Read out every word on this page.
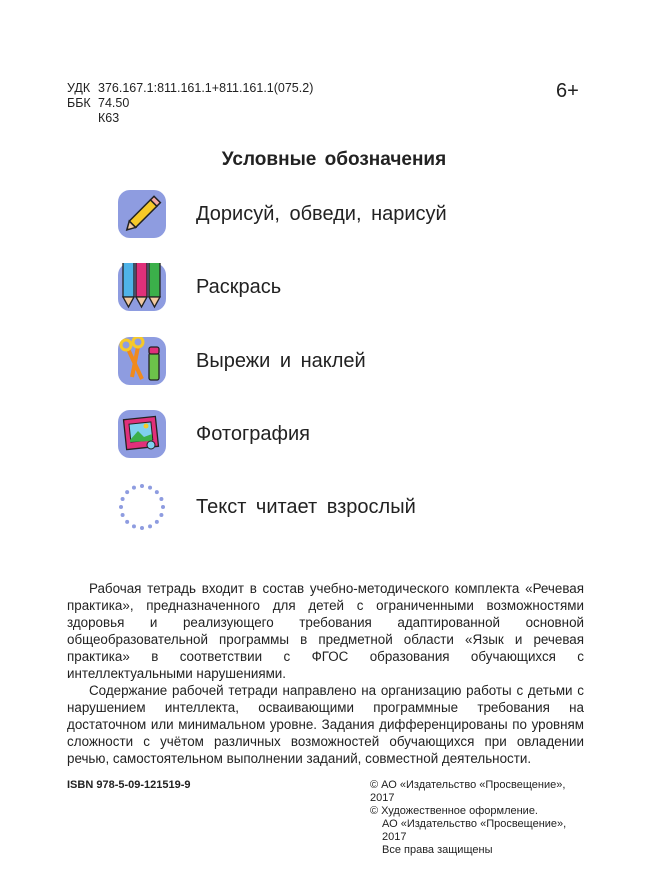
УДК 376.167.1:811.161.1+811.161.1(075.2)
ББК 74.50
К63
6+
Условные обозначения
Дорисуй, обведи, нарисуй
Раскрась
Вырежи и наклей
Фотография
Текст читает взрослый

Рабочая тетрадь входит в состав учебно-методического комплекта «Речевая практика», предназначенного для детей с ограниченными возможностями здоровья и реализующего требования адаптированной основной общеобразовательной программы в предметной области «Язык и речевая практика» в соответствии с ФГОС образования обучающихся с интеллектуальными нарушениями.

Содержание рабочей тетради направлено на организацию работы с детьми с нарушением интеллекта, осваивающими программные требования на достаточном или минимальном уровне. Задания дифференцированы по уровням сложности с учётом различных возможностей обучающихся при овладении речью, самостоятельном выполнении заданий, совместной деятельности.

ISBN 978-5-09-121519-9	© АО «Издательство «Просвещение», 2017
© Художественное оформление.
АО «Издательство «Просвещение», 2017
Все права защищены
